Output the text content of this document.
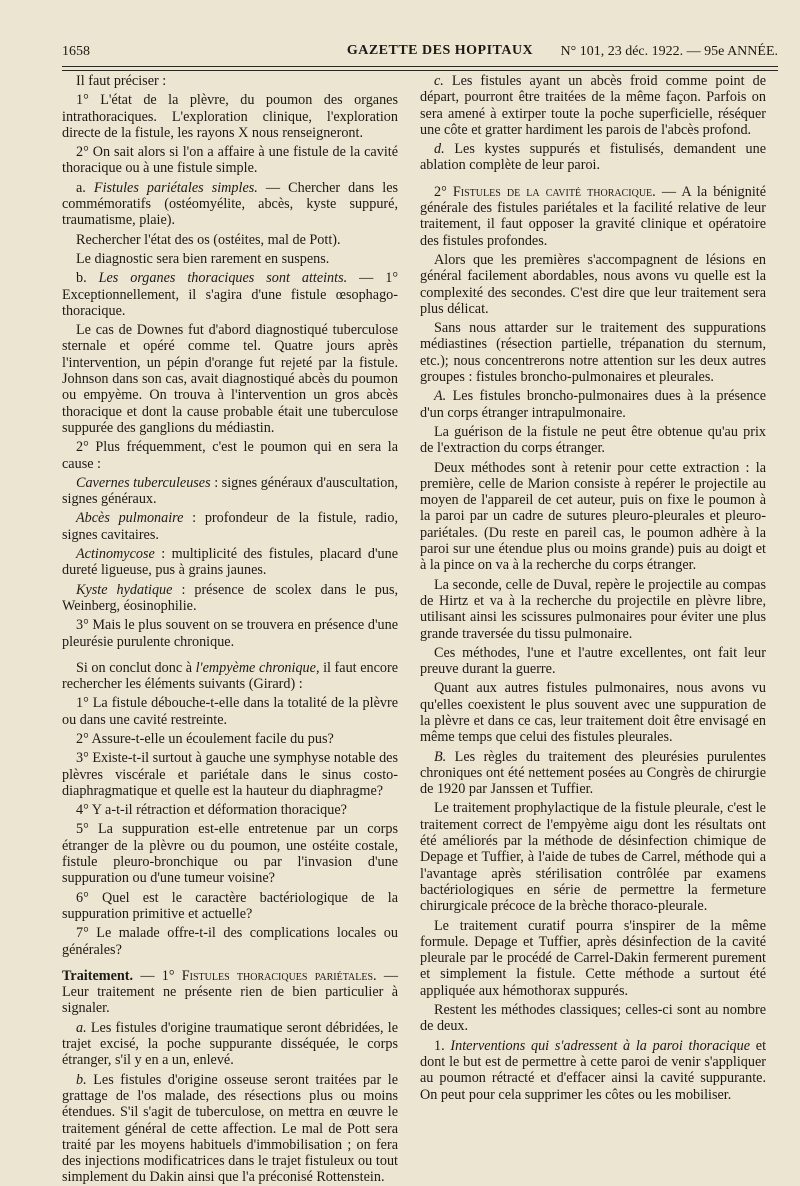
1658	GAZETTE DES HOPITAUX	N° 101, 23 déc. 1922. — 95e ANNÉE.

Il faut préciser :

1° L'état de la plèvre, du poumon des organes intrathoraciques. L'exploration clinique, l'exploration directe de la fistule, les rayons X nous renseigneront.

2° On sait alors si l'on a affaire à une fistule de la cavité thoracique ou à une fistule simple.

a. Fistules pariétales simples. — Chercher dans les commémoratifs (ostéomyélite, abcès, kyste suppuré, traumatisme, plaie).

Rechercher l'état des os (ostéites, mal de Pott).

Le diagnostic sera bien rarement en suspens.

b. Les organes thoraciques sont atteints. — 1° Exceptionnellement, il s'agira d'une fistule œsophago-thoracique.

Le cas de Downes fut d'abord diagnostiqué tuberculose sternale et opéré comme tel. Quatre jours après l'intervention, un pépin d'orange fut rejeté par la fistule. Johnson dans son cas, avait diagnostiqué abcès du poumon ou empyème. On trouva à l'intervention un gros abcès thoracique et dont la cause probable était une tuberculose suppurée des ganglions du médiastin.

2° Plus fréquemment, c'est le poumon qui en sera la cause :

Cavernes tuberculeuses : signes généraux d'auscultation, signes généraux.

Abcès pulmonaire : profondeur de la fistule, radio, signes cavitaires.

Actinomycose : multiplicité des fistules, placard d'une dureté ligueuse, pus à grains jaunes.

Kyste hydatique : présence de scolex dans le pus, Weinberg, éosinophilie.

3° Mais le plus souvent on se trouvera en présence d'une pleurésie purulente chronique.

Si on conclut donc à l'empyème chronique, il faut encore rechercher les éléments suivants (Girard) :

1° La fistule débouche-t-elle dans la totalité de la plèvre ou dans une cavité restreinte.

2° Assure-t-elle un écoulement facile du pus?

3° Existe-t-il surtout à gauche une symphyse notable des plèvres viscérale et pariétale dans le sinus costo-diaphragmatique et quelle est la hauteur du diaphragme?

4° Y a-t-il rétraction et déformation thoracique?

5° La suppuration est-elle entretenue par un corps étranger de la plèvre ou du poumon, une ostéite costale, fistule pleuro-bronchique ou par l'invasion d'une suppuration ou d'une tumeur voisine?

6° Quel est le caractère bactériologique de la suppuration primitive et actuelle?

7° Le malade offre-t-il des complications locales ou générales?

Traitement. — 1° Fistules thoraciques pariétales. — Leur traitement ne présente rien de bien particulier à signaler.

a. Les fistules d'origine traumatique seront débridées, le trajet excisé, la poche suppurante disséquée, le corps étranger, s'il y en a un, enlevé.

b. Les fistules d'origine osseuse seront traitées par le grattage de l'os malade, des résections plus ou moins étendues. S'il s'agit de tuberculose, on mettra en œuvre le traitement général de cette affection. Le mal de Pott sera traité par les moyens habituels d'immobilisation ; on fera des injections modificatrices dans le trajet fistuleux ou tout simplement du Dakin ainsi que l'a préconisé Rottenstein.

c. Les fistules ayant un abcès froid comme point de départ, pourront être traitées de la même façon. Parfois on sera amené à extirper toute la poche superficielle, réséquer une côte et gratter hardiment les parois de l'abcès profond.

d. Les kystes suppurés et fistulisés, demandent une ablation complète de leur paroi.

2° Fistules de la cavité thoracique. — A la bénignité générale des fistules pariétales et la facilité relative de leur traitement, il faut opposer la gravité clinique et opératoire des fistules profondes.

Alors que les premières s'accompagnent de lésions en général facilement abordables, nous avons vu quelle est la complexité des secondes. C'est dire que leur traitement sera plus délicat.

Sans nous attarder sur le traitement des suppurations médiastines (résection partielle, trépanation du sternum, etc.); nous concentrerons notre attention sur les deux autres groupes : fistules broncho-pulmonaires et pleurales.

A. Les fistules broncho-pulmonaires dues à la présence d'un corps étranger intrapulmonaire.

La guérison de la fistule ne peut être obtenue qu'au prix de l'extraction du corps étranger.

Deux méthodes sont à retenir pour cette extraction : la première, celle de Marion consiste à repérer le projectile au moyen de l'appareil de cet auteur, puis on fixe le poumon à la paroi par un cadre de sutures pleuro-pleurales et pleuro-pariétales. (Du reste en pareil cas, le poumon adhère à la paroi sur une étendue plus ou moins grande) puis au doigt et à la pince on va à la recherche du corps étranger.

La seconde, celle de Duval, repère le projectile au compas de Hirtz et va à la recherche du projectile en plèvre libre, utilisant ainsi les scissures pulmonaires pour éviter une plus grande traversée du tissu pulmonaire.

Ces méthodes, l'une et l'autre excellentes, ont fait leur preuve durant la guerre.

Quant aux autres fistules pulmonaires, nous avons vu qu'elles coexistent le plus souvent avec une suppuration de la plèvre et dans ce cas, leur traitement doit être envisagé en même temps que celui des fistules pleurales.

B. Les règles du traitement des pleurésies purulentes chroniques ont été nettement posées au Congrès de chirurgie de 1920 par Janssen et Tuffier.

Le traitement prophylactique de la fistule pleurale, c'est le traitement correct de l'empyème aigu dont les résultats ont été améliorés par la méthode de désinfection chimique de Depage et Tuffier, à l'aide de tubes de Carrel, méthode qui a l'avantage après stérilisation contrôlée par examens bactériologiques en série de permettre la fermeture chirurgicale précoce de la brèche thoraco-pleurale.

Le traitement curatif pourra s'inspirer de la même formule. Depage et Tuffier, après désinfection de la cavité pleurale par le procédé de Carrel-Dakin fermerent purement et simplement la fistule. Cette méthode a surtout été appliquée aux hémothorax suppurés.

Restent les méthodes classiques; celles-ci sont au nombre de deux.

1. Interventions qui s'adressent à la paroi thoracique et dont le but est de permettre à cette paroi de venir s'appliquer au poumon rétracté et d'effacer ainsi la cavité suppurante. On peut pour cela supprimer les côtes ou les mobiliser.
